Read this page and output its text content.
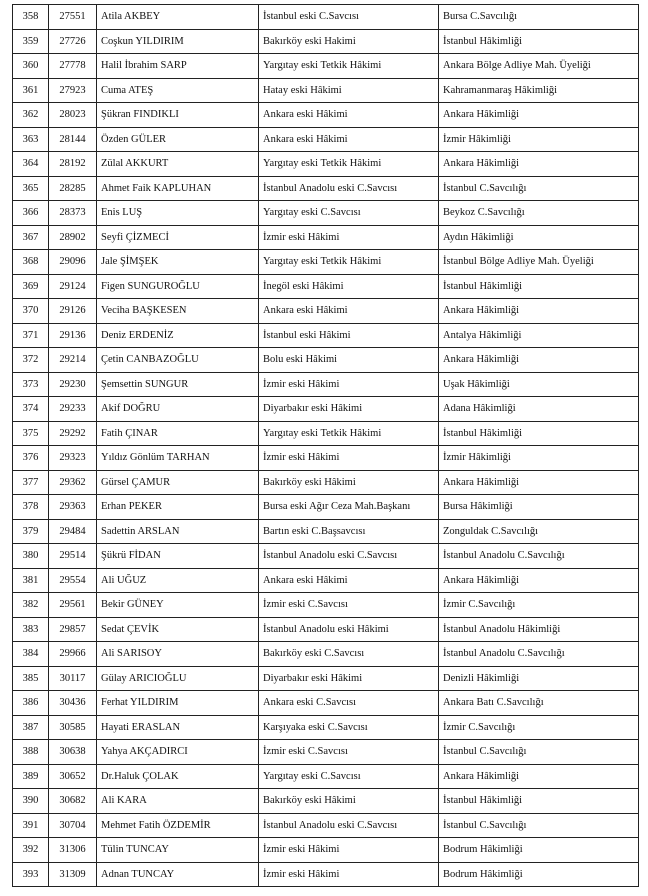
358	27551	Atila AKBEY	İstanbul eski C.Savcısı	Bursa C.Savcılığı
359	27726	Coşkun YILDIRIM	Bakırköy eski Hakimi	İstanbul Hâkimliği
360	27778	Halil İbrahim SARP	Yargıtay eski Tetkik Hâkimi	Ankara Bölge Adliye Mah. Üyeliği
361	27923	Cuma ATEŞ	Hatay eski Hâkimi	Kahramanmaraş Hâkimliği
362	28023	Şükran FINDIKLI	Ankara eski Hâkimi	Ankara Hâkimliği
363	28144	Özden GÜLER	Ankara eski Hâkimi	İzmir Hâkimliği
364	28192	Zülal AKKURT	Yargıtay eski Tetkik Hâkimi	Ankara Hâkimliği
365	28285	Ahmet Faik KAPLUHAN	İstanbul Anadolu eski C.Savcısı	İstanbul C.Savcılığı
366	28373	Enis LUŞ	Yargıtay eski C.Savcısı	Beykoz C.Savcılığı
367	28902	Seyfi ÇİZMECİ	İzmir eski Hâkimi	Aydın Hâkimliği
368	29096	Jale ŞİMŞEK	Yargıtay eski Tetkik Hâkimi	İstanbul Bölge Adliye Mah. Üyeliği
369	29124	Figen SUNGUROĞLU	İnegöl eski Hâkimi	İstanbul Hâkimliği
370	29126	Veciha BAŞKESEN	Ankara eski Hâkimi	Ankara Hâkimliği
371	29136	Deniz ERDENİZ	İstanbul eski Hâkimi	Antalya Hâkimliği
372	29214	Çetin CANBAZOĞLU	Bolu eski Hâkimi	Ankara Hâkimliği
373	29230	Şemsettin SUNGUR	İzmir eski Hâkimi	Uşak Hâkimliği
374	29233	Akif DOĞRU	Diyarbakır eski Hâkimi	Adana Hâkimliği
375	29292	Fatih ÇINAR	Yargıtay eski Tetkik Hâkimi	İstanbul Hâkimliği
376	29323	Yıldız Gönlüm TARHAN	İzmir eski Hâkimi	İzmir Hâkimliği
377	29362	Gürsel ÇAMUR	Bakırköy eski Hâkimi	Ankara Hâkimliği
378	29363	Erhan PEKER	Bursa eski Ağır Ceza Mah.Başkanı	Bursa Hâkimliği
379	29484	Sadettin ARSLAN	Bartın eski C.Başsavcısı	Zonguldak C.Savcılığı
380	29514	Şükrü FİDAN	İstanbul Anadolu eski C.Savcısı	İstanbul Anadolu C.Savcılığı
381	29554	Ali UĞUZ	Ankara eski Hâkimi	Ankara Hâkimliği
382	29561	Bekir GÜNEY	İzmir eski C.Savcısı	İzmir C.Savcılığı
383	29857	Sedat ÇEVİK	İstanbul Anadolu eski Hâkimi	İstanbul Anadolu Hâkimliği
384	29966	Ali SARISOY	Bakırköy eski C.Savcısı	İstanbul Anadolu C.Savcılığı
385	30117	Gülay ARICIOĞLU	Diyarbakır eski Hâkimi	Denizli Hâkimliği
386	30436	Ferhat YILDIRIM	Ankara eski C.Savcısı	Ankara Batı C.Savcılığı
387	30585	Hayati ERASLAN	Karşıyaka eski C.Savcısı	İzmir C.Savcılığı
388	30638	Yahya AKÇADIRCI	İzmir eski C.Savcısı	İstanbul C.Savcılığı
389	30652	Dr.Haluk ÇOLAK	Yargıtay eski C.Savcısı	Ankara Hâkimliği
390	30682	Ali KARA	Bakırköy eski Hâkimi	İstanbul Hâkimliği
391	30704	Mehmet Fatih ÖZDEMİR	İstanbul Anadolu eski C.Savcısı	İstanbul C.Savcılığı
392	31306	Tülin TUNCAY	İzmir eski Hâkimi	Bodrum Hâkimliği
393	31309	Adnan TUNCAY	İzmir eski Hâkimi	Bodrum Hâkimliği
